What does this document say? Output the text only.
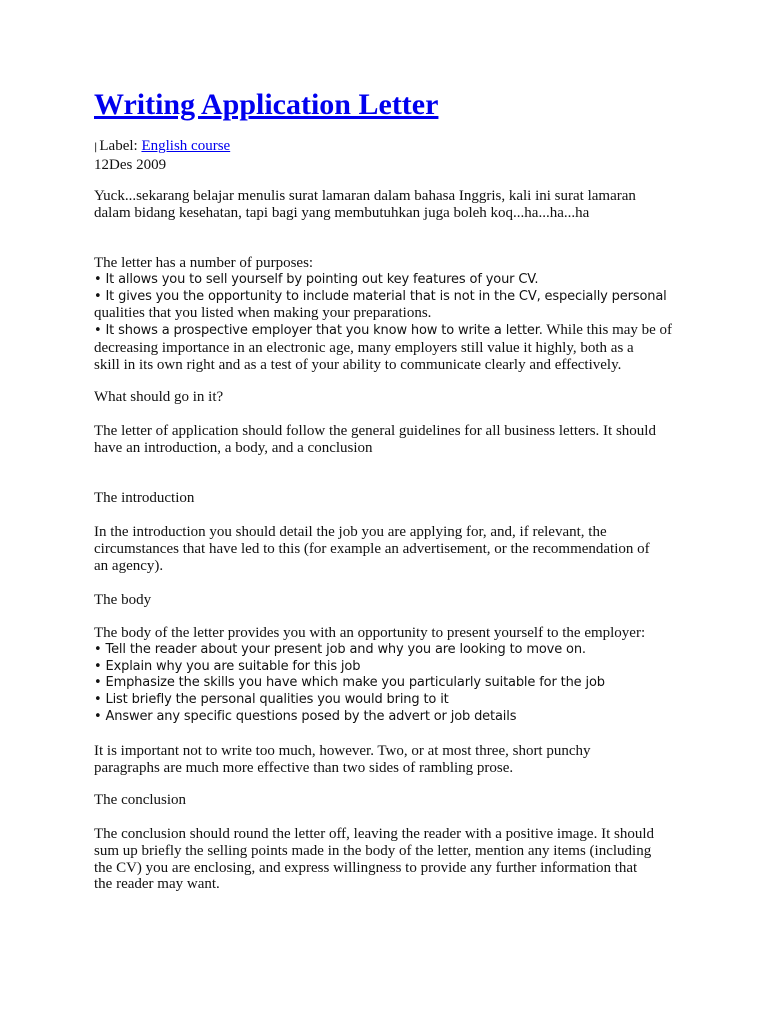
Writing Application Letter
| Label: English course
12Des 2009

Yuck...sekarang belajar menulis surat lamaran dalam bahasa Inggris, kali ini surat lamaran
dalam bidang kesehatan, tapi bagi yang membutuhkan juga boleh koq...ha...ha...ha

The letter has a number of purposes:
• It allows you to sell yourself by pointing out key features of your CV.
• It gives you the opportunity to include material that is not in the CV, especially personal
qualities that you listed when making your preparations.
• It shows a prospective employer that you know how to write a letter. While this may be of
decreasing importance in an electronic age, many employers still value it highly, both as a
skill in its own right and as a test of your ability to communicate clearly and effectively.

What should go in it?

The letter of application should follow the general guidelines for all business letters. It should
have an introduction, a body, and a conclusion

The introduction

In the introduction you should detail the job you are applying for, and, if relevant, the
circumstances that have led to this (for example an advertisement, or the recommendation of
an agency).

The body

The body of the letter provides you with an opportunity to present yourself to the employer:
• Tell the reader about your present job and why you are looking to move on.
• Explain why you are suitable for this job
• Emphasize the skills you have which make you particularly suitable for the job
• List briefly the personal qualities you would bring to it
• Answer any specific questions posed by the advert or job details

It is important not to write too much, however. Two, or at most three, short punchy
paragraphs are much more effective than two sides of rambling prose.

The conclusion

The conclusion should round the letter off, leaving the reader with a positive image. It should
sum up briefly the selling points made in the body of the letter, mention any items (including
the CV) you are enclosing, and express willingness to provide any further information that
the reader may want.
